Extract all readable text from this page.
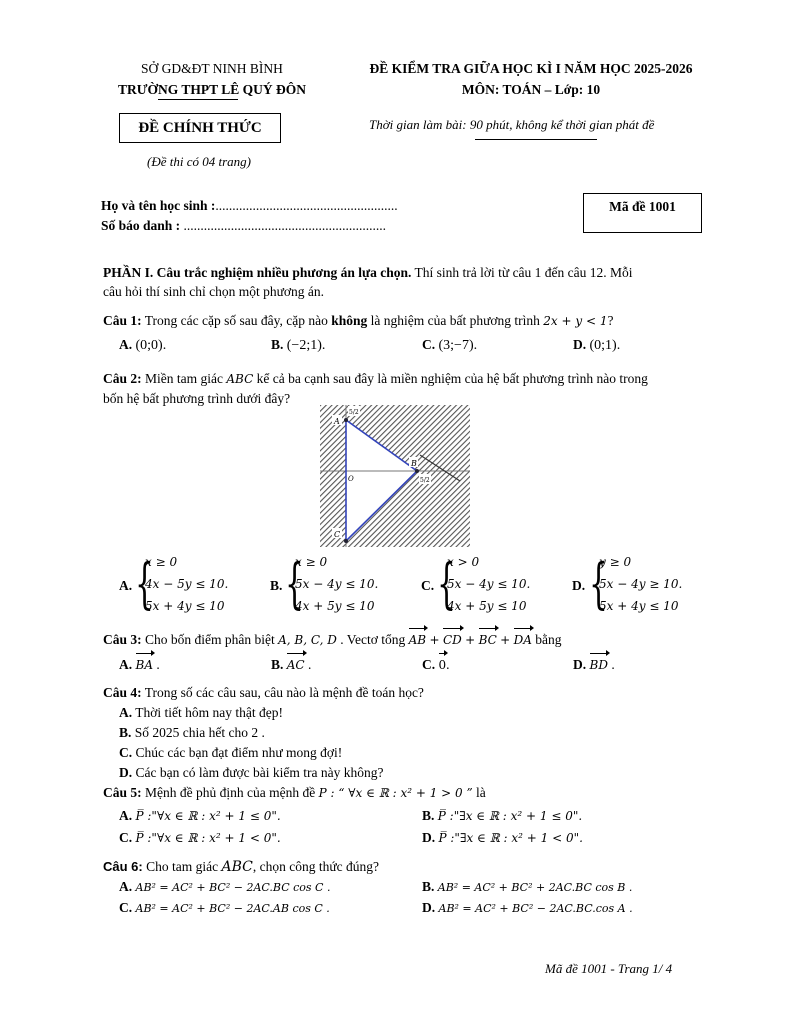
SỞ GD&ĐT NINH BÌNH
TRƯỜNG THPT LÊ QUÝ ĐÔN
ĐỀ KIỂM TRA GIỮA HỌC KÌ I NĂM HỌC 2025-2026
MÔN: TOÁN – Lớp: 10
ĐỀ CHÍNH THỨC	Thời gian làm bài: 90 phút, không kể thời gian phát đề
(Đề thi có 04 trang)
Họ và tên học sinh :......................................................
Số báo danh : ............................................................
Mã đề 1001
PHẦN I. Câu trắc nghiệm nhiều phương án lựa chọn. Thí sinh trả lời từ câu 1 đến câu 12. Mỗi
câu hỏi thí sinh chỉ chọn một phương án.
Câu 1: Trong các cặp số sau đây, cặp nào không là nghiệm của bất phương trình 2x + y < 1?
A. (0;0).	B. (−2;1).	C. (3;−7).	D. (0;1).
Câu 2: Miền tam giác ABC kể cả ba cạnh sau đây là miền nghiệm của hệ bất phương trình nào trong
bốn hệ bất phương trình dưới đây?
A
B
C
O
5/2
5/2
A. {
x ≥ 0
4x − 5y ≤ 10.
5x + 4y ≤ 10
B. {
x ≥ 0
5x − 4y ≤ 10.
4x + 5y ≤ 10
C. {
x > 0
5x − 4y ≤ 10.
4x + 5y ≤ 10
D. {
y ≥ 0
5x − 4y ≥ 10.
5x + 4y ≤ 10
Câu 3: Cho bốn điểm phân biệt A, B, C, D . Vectơ tổng AB + CD + BC + DA bằng
A. BA .	B. AC .	C. 0.	D. BD .
Câu 4: Trong số các câu sau, câu nào là mệnh đề toán học?
A. Thời tiết hôm nay thật đẹp!
B. Số 2025 chia hết cho 2 .
C. Chúc các bạn đạt điểm như mong đợi!
D. Các bạn có làm được bài kiểm tra này không?
Câu 5: Mệnh đề phủ định của mệnh đề P : “ ∀x ∈ ℝ : x² + 1 > 0 ” là
A. P̅ :"∀x ∈ ℝ : x² + 1 ≤ 0".	B. P̅ :"∃x ∈ ℝ : x² + 1 ≤ 0".
C. P̅ :"∀x ∈ ℝ : x² + 1 < 0".	D. P̅ :"∃x ∈ ℝ : x² + 1 < 0".
Câu 6: Cho tam giác ABC, chọn công thức đúng?
A. AB² = AC² + BC² − 2AC.BC cos C .	B. AB² = AC² + BC² + 2AC.BC cos B .
C. AB² = AC² + BC² − 2AC.AB cos C .	D. AB² = AC² + BC² − 2AC.BC.cos A .
Mã đề 1001 - Trang 1/ 4
